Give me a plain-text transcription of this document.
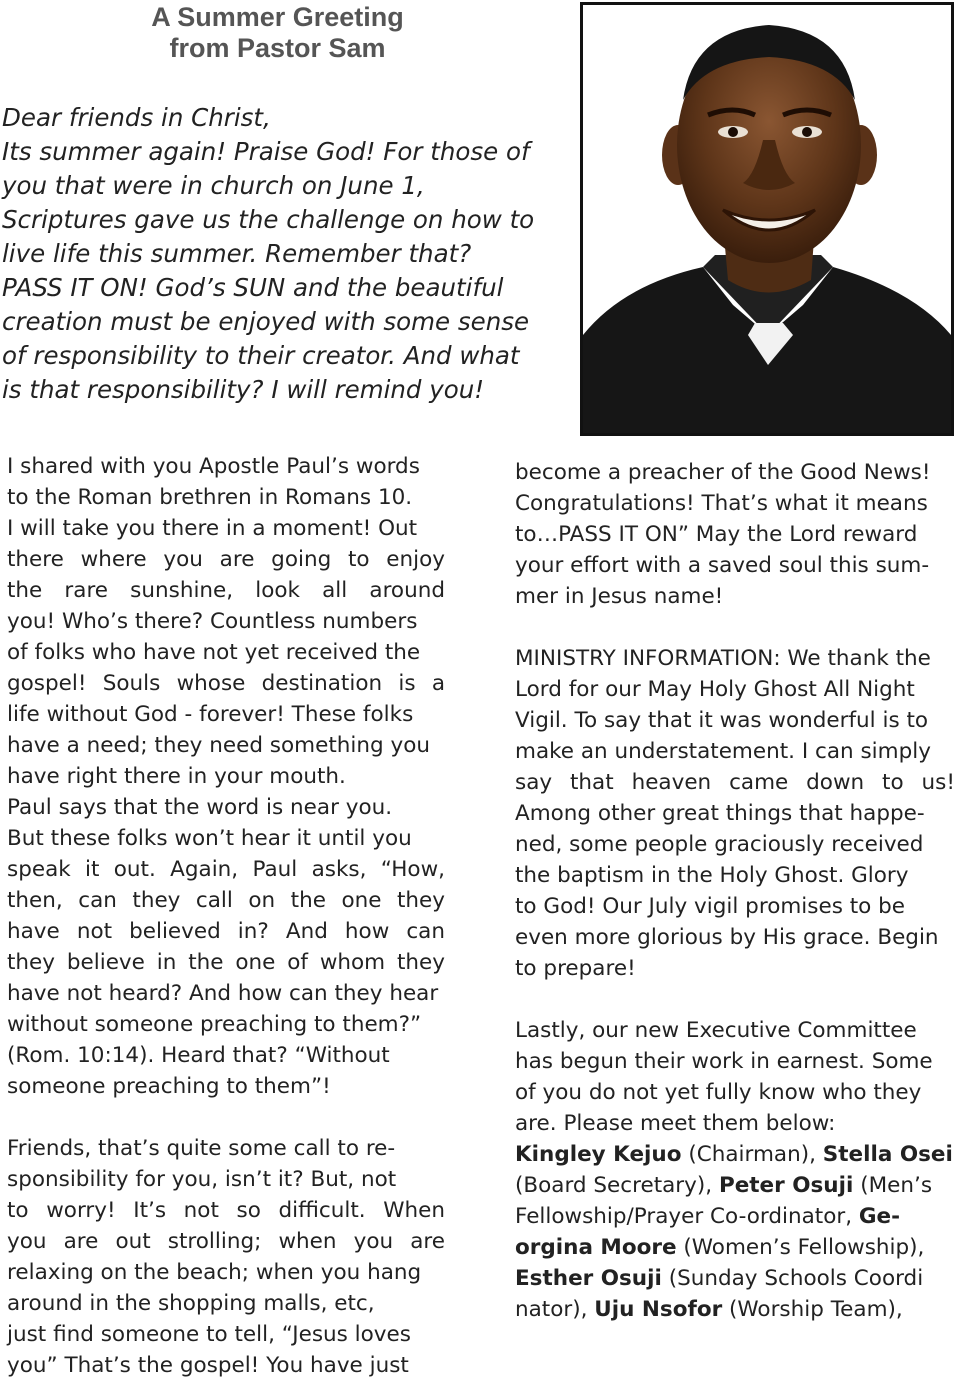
A Summer Greeting
from Pastor Sam
Dear friends in Christ,
Its summer again! Praise God! For those of
you that were in church on June 1,
Scriptures gave us the challenge on how to
live life this summer. Remember that?
PASS IT ON! God’s SUN and the beautiful
creation must be enjoyed with some sense
of responsibility to their creator. And what
is that responsibility? I will remind you!
I shared with you Apostle Paul’s words
to the Roman brethren in Romans 10.
I will take you there in a moment! Out
there where you are going to enjoy
the rare sunshine, look all around
you! Who’s there? Countless numbers
of folks who have not yet received the
gospel! Souls whose destination is a
life without God - forever! These folks
have a need; they need something you
have right there in your mouth.
Paul says that the word is near you.
But these folks won’t hear it until you
speak it out. Again, Paul asks, “How,
then, can they call on the one they
have not believed in? And how can
they believe in the one of whom they
have not heard? And how can they hear
without someone preaching to them?”
(Rom. 10:14). Heard that? “Without
someone preaching to them”!
Friends, that’s quite some call to re-
sponsibility for you, isn’t it? But, not
to worry! It’s not so difficult. When
you are out strolling; when you are
relaxing on the beach; when you hang
around in the shopping malls, etc,
just find someone to tell, “Jesus loves
you” That’s the gospel! You have just
become a preacher of the Good News!
Congratulations! That’s what it means
to…PASS IT ON” May the Lord reward
your effort with a saved soul this sum-
mer in Jesus name!
MINISTRY INFORMATION: We thank the
Lord for our May Holy Ghost All Night
Vigil. To say that it was wonderful is to
make an understatement. I can simply
say that heaven came down to us!
Among other great things that happe-
ned, some people graciously received
the baptism in the Holy Ghost. Glory
to God! Our July vigil promises to be
even more glorious by His grace. Begin
to prepare!
Lastly, our new Executive Committee
has begun their work in earnest. Some
of you do not yet fully know who they
are. Please meet them below:
Kingley Kejuo (Chairman), Stella Osei
(Board Secretary), Peter Osuji (Men’s
Fellowship/Prayer Co-ordinator, Ge-
orgina Moore (Women’s Fellowship),
Esther Osuji (Sunday Schools Coordi
nator), Uju Nsofor (Worship Team),
